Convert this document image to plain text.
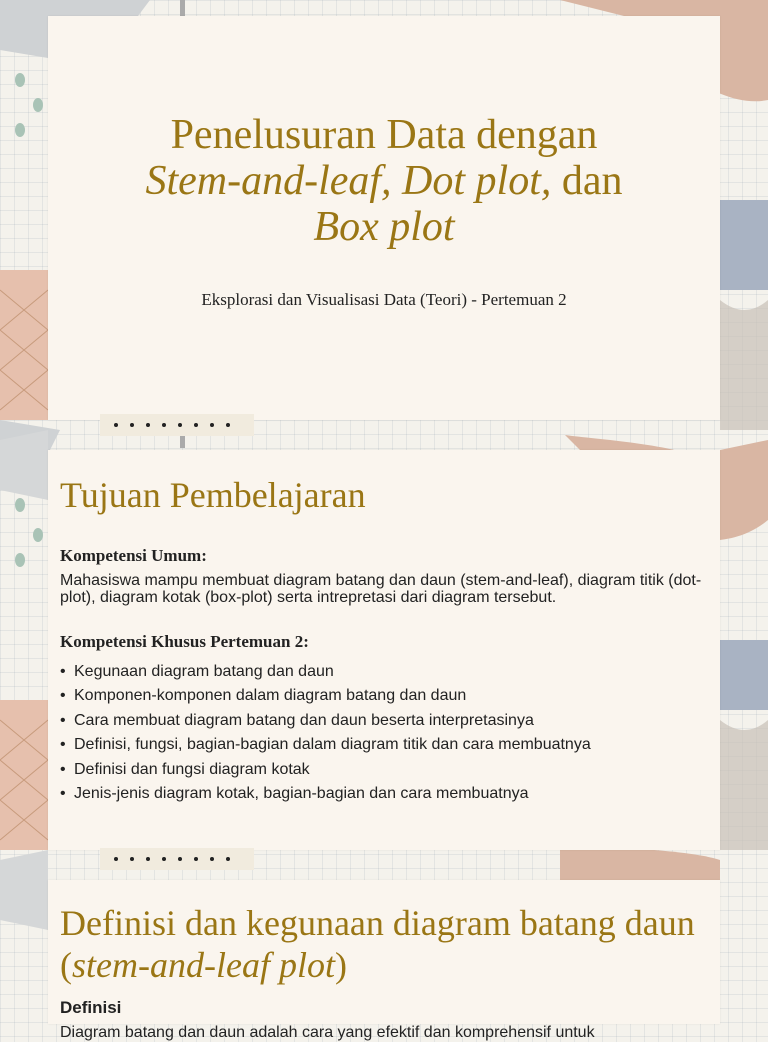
Penelusuran Data dengan
Stem-and-leaf, Dot plot, dan
Box plot
Eksplorasi dan Visualisasi Data (Teori) - Pertemuan 2
Tujuan Pembelajaran
Kompetensi Umum:
Mahasiswa mampu membuat diagram batang dan daun (stem-and-leaf), diagram titik (dot-plot), diagram kotak (box-plot) serta intrepretasi dari diagram tersebut.
Kompetensi Khusus Pertemuan 2:
• Kegunaan diagram batang dan daun
• Komponen-komponen dalam diagram batang dan daun
• Cara membuat diagram batang dan daun beserta interpretasinya
• Definisi, fungsi, bagian-bagian dalam diagram titik dan cara membuatnya
• Definisi dan fungsi diagram kotak
• Jenis-jenis diagram kotak, bagian-bagian dan cara membuatnya
Definisi dan kegunaan diagram batang daun (stem-and-leaf plot)
Definisi
Diagram batang dan daun adalah cara yang efektif dan komprehensif untuk
